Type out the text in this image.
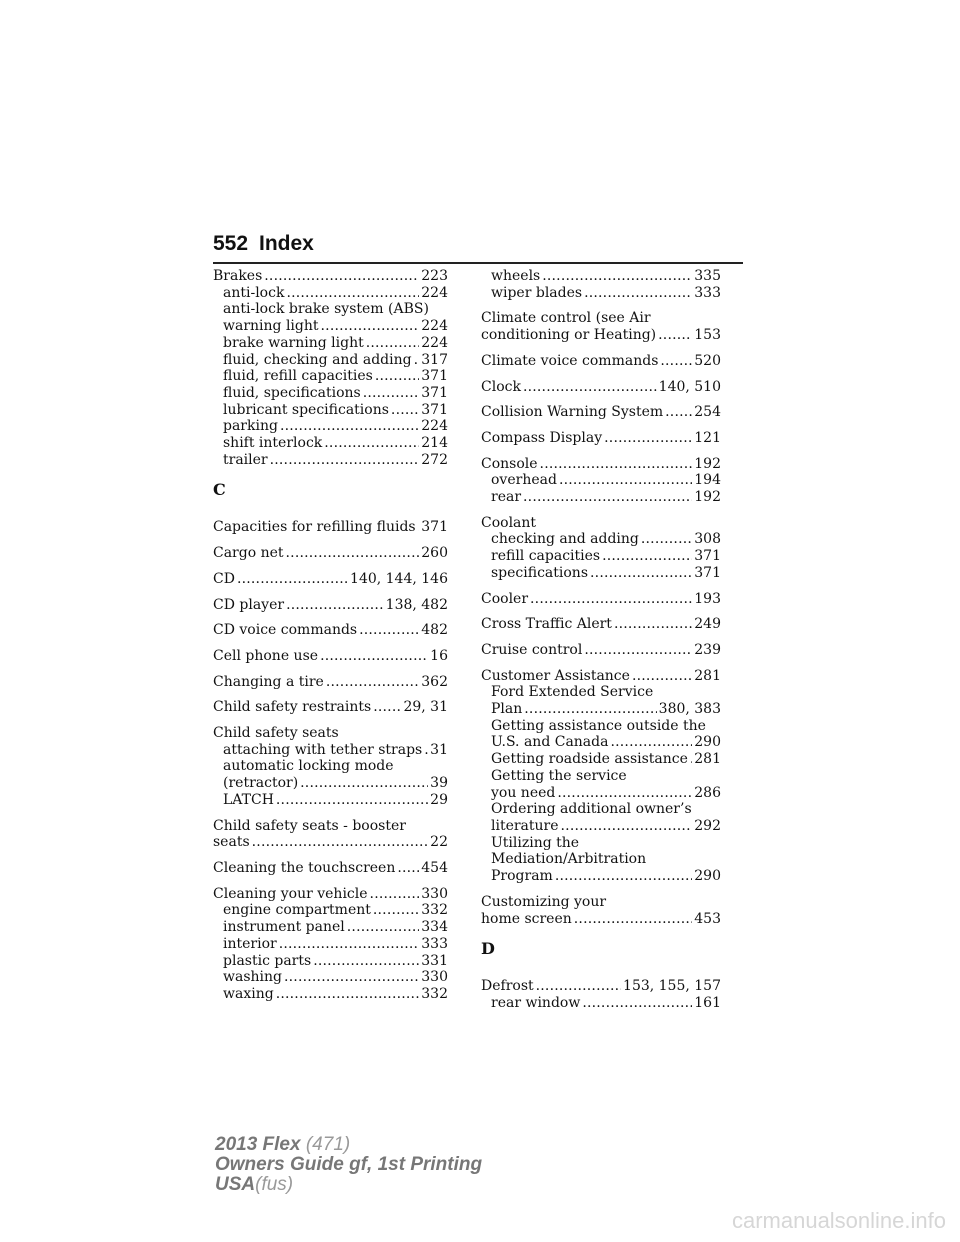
552 Index
Brakes .....	223
anti-lock .....	224
anti-lock brake system (ABS)
warning light .....	224
brake warning light .....	224
fluid, checking and adding ..... 317
fluid, refill capacities .....	371
fluid, specifications .....	371
lubricant specifications ..... 371
parking .....	224
shift interlock .....	214
trailer .....	272
C
Capacities for refilling fluids ..... 371
Cargo net .....	260
CD .....	140, 144, 146
CD player .....	138, 482
CD voice commands .....	482
Cell phone use .....	16
Changing a tire .....	362
Child safety restraints ..... 29, 31
Child safety seats
attaching with tether straps ..... 31
automatic locking mode
(retractor) .....	39
LATCH .....	29
Child safety seats - booster
seats .....	22
Cleaning the touchscreen ..... 454
Cleaning your vehicle .....	330
engine compartment .....	332
instrument panel .....	334
interior .....	333
plastic parts .....	331
washing .....	330
waxing .....	332
wheels .....	335
wiper blades .....	333
Climate control (see Air
conditioning or Heating) .....	153
Climate voice commands .....	520
Clock .....	140, 510
Collision Warning System ..... 254
Compass Display .....	121
Console .....	192
overhead .....	194
rear .....	192
Coolant
checking and adding .....	308
refill capacities .....	371
specifications .....	371
Cooler .....	193
Cross Traffic Alert .....	249
Cruise control .....	239
Customer Assistance .....	281
Ford Extended Service
Plan .....	380, 383
Getting assistance outside the
U.S. and Canada .....	290
Getting roadside assistance ..... 281
Getting the service
you need .....	286
Ordering additional owner’s
literature .....	292
Utilizing the
Mediation/Arbitration
Program .....	290
Customizing your
home screen .....	453
D
Defrost .....	153, 155, 157
rear window .....	161
2013 Flex (471)
Owners Guide gf, 1st Printing
USA(fus)
carmanualsonline.info
